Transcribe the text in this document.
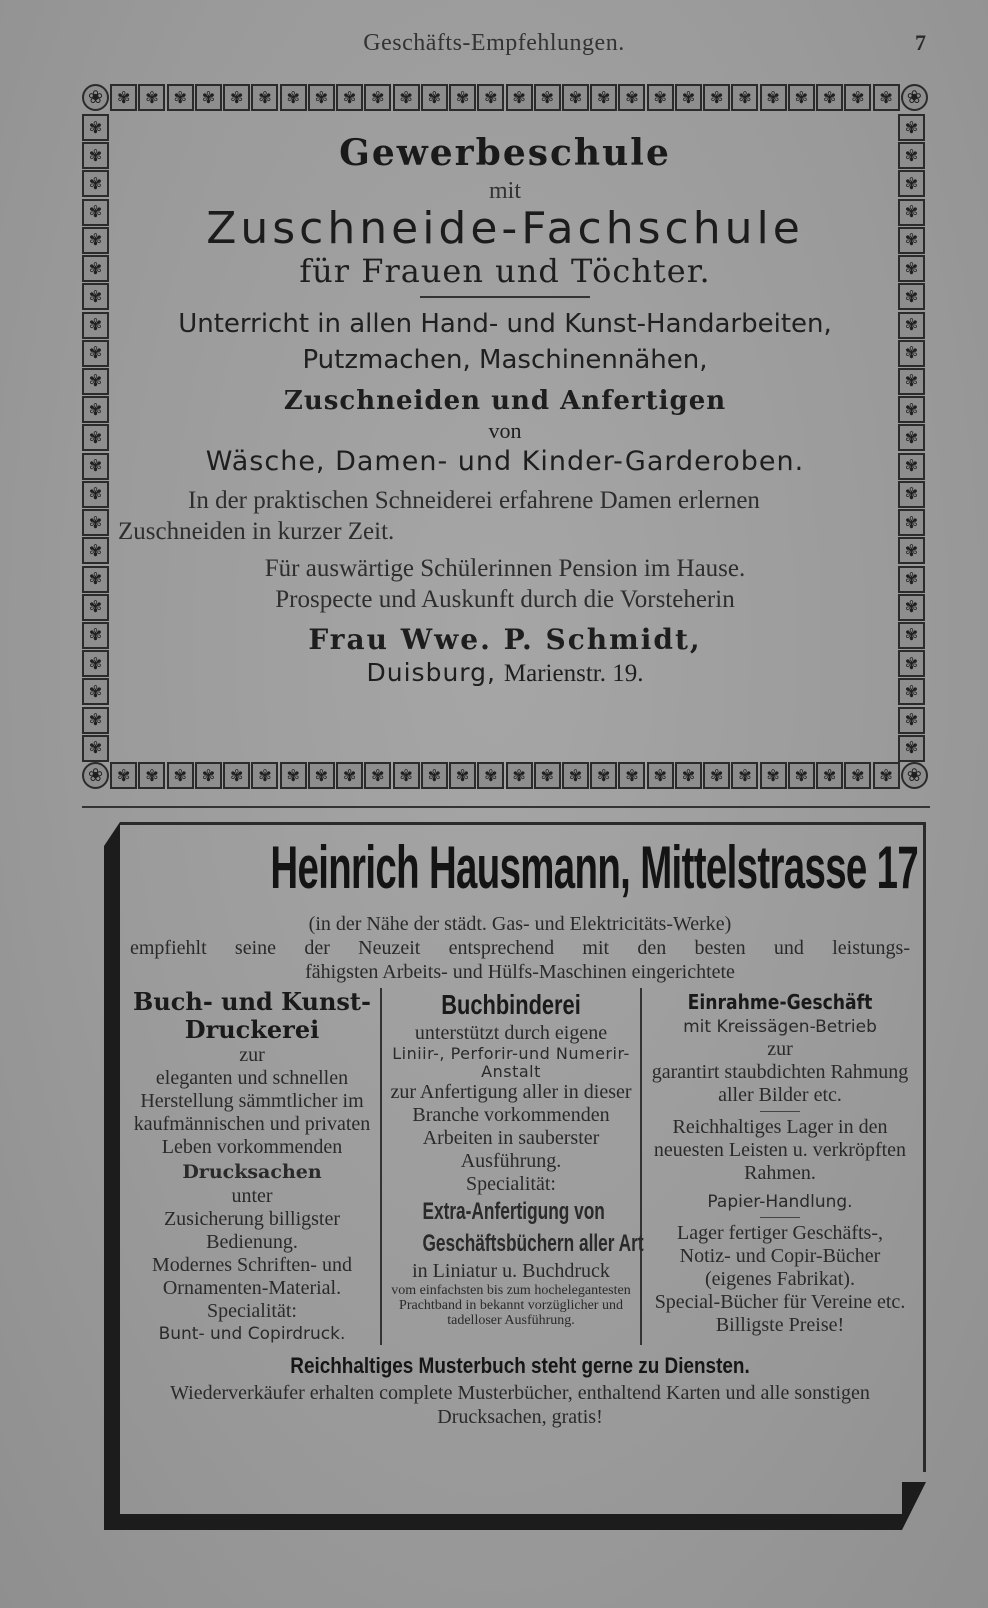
Geschäfts-Empfehlungen.	7
❀ ✾ ✾ ✾ ✾ ✾ ✾ ✾ ✾ ✾ ✾ ✾ ✾ ✾ ✾ ✾ ✾ ✾ ✾ ✾ ✾ ✾ ✾ ✾ ✾ ✾ ✾ ✾ ✾ ❀
❀ ✾ ✾ ✾ ✾ ✾ ✾ ✾ ✾ ✾ ✾ ✾ ✾ ✾ ✾ ✾ ✾ ✾ ✾ ✾ ✾ ✾ ✾ ✾ ✾ ✾ ✾ ✾ ✾ ❀
✾
✾
✾
✾
✾
✾
✾
✾
✾
✾
✾
✾
✾
✾
✾
✾
✾
✾
✾
✾
✾
✾
✾
✾
✾
✾
✾
✾
✾
✾
✾
✾
✾
✾
✾
✾
✾
✾
✾
✾
✾
✾
✾
✾
✾
✾
Gewerbeschule
mit
Zuschneide-Fachschule
für Frauen und Töchter.
Unterricht in allen Hand- und Kunst-Handarbeiten,
Putzmachen, Maschinennähen,
Zuschneiden und Anfertigen
von
Wäsche, Damen- und Kinder-Garderoben.
In der praktischen Schneiderei erfahrene Damen erlernen Zuschneiden in kurzer Zeit.
Für auswärtige Schülerinnen Pension im Hause.
Prospecte und Auskunft durch die Vorsteherin
Frau Wwe. P. Schmidt,
Duisburg, Marienstr. 19.
Heinrich Hausmann, Mittelstrasse 17
(in der Nähe der städt. Gas- und Elektricitäts-Werke)
empfiehlt seine der Neuzeit entsprechend mit den besten und leistungs-
fähigsten Arbeits- und Hülfs-Maschinen eingerichtete
Buch- und Kunst-
Druckerei
zur
eleganten und schnellen Herstellung sämmtlicher im kaufmännischen und privaten Leben vorkommenden
Drucksachen
unter
Zusicherung billigster Bedienung.
Modernes Schriften- und Ornamenten-Material.
Specialität:
Bunt- und Copirdruck.
Buchbinderei
unterstützt durch eigene
Liniir-, Perforir-und Numerir-Anstalt
zur Anfertigung aller in dieser Branche vorkommenden Arbeiten in sauberster Ausführung.
Specialität:
Extra-Anfertigung von
Geschäftsbüchern aller Art
in Liniatur u. Buchdruck
vom einfachsten bis zum hochelegantesten Prachtband in bekannt vorzüglicher und tadelloser Ausführung.
Einrahme-Geschäft
mit Kreissägen-Betrieb
zur
garantirt staubdichten Rahmung aller Bilder etc.
Reichhaltiges Lager in den neuesten Leisten u. verkröpften Rahmen.
Papier-Handlung.
Lager fertiger Geschäfts-, Notiz- und Copir-Bücher (eigenes Fabrikat).
Special-Bücher für Vereine etc.
Billigste Preise!
Reichhaltiges Musterbuch steht gerne zu Diensten.
Wiederverkäufer erhalten complete Musterbücher, enthaltend Karten und alle sonstigen Drucksachen, gratis!
